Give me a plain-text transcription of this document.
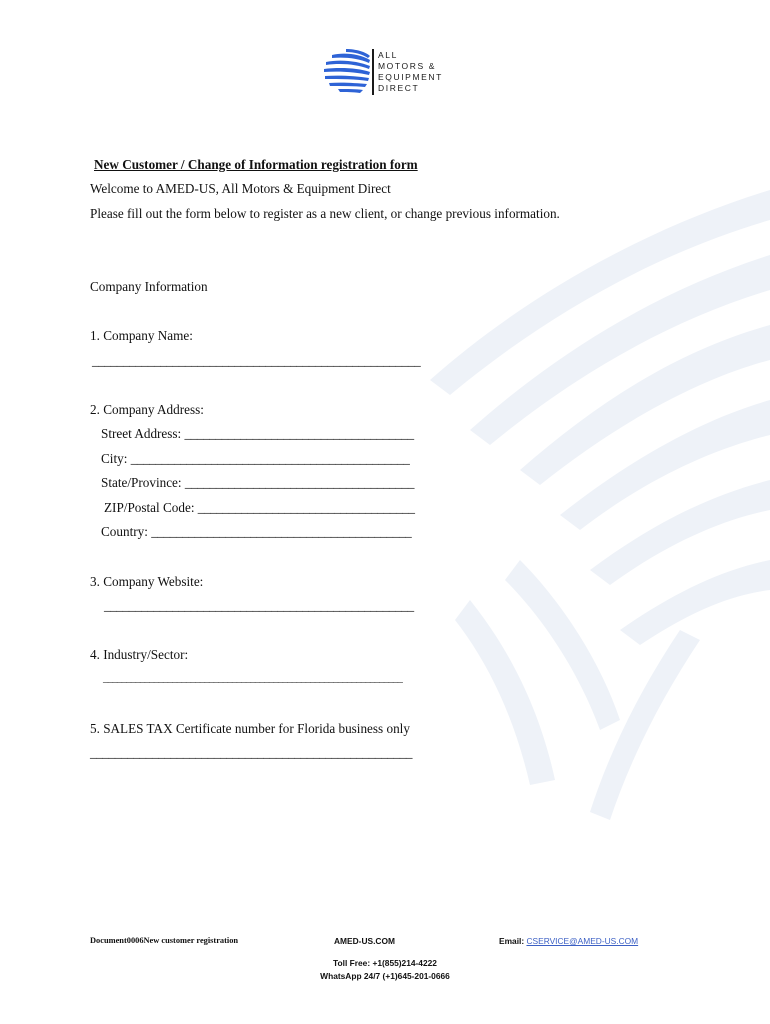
ALL
MOTORS &
EQUIPMENT
DIRECT
New Customer / Change of Information registration form
Welcome to AMED-US, All Motors & Equipment Direct
Please fill out the form below to register as a new client, or change previous information.
Company Information
1. Company Name:
_____________________________________________________
2. Company Address:
Street Address: _____________________________________
City: _____________________________________________
State/Province: _____________________________________
ZIP/Postal Code: ___________________________________
Country: __________________________________________
3. Company Website:
__________________________________________________
4. Industry/Sector:
_________________________________________________________________
5. SALES TAX Certificate number for Florida business only
____________________________________________________
Document0006New customer registration	AMED-US.COM	Email: CSERVICE@AMED-US.COM
Toll Free: +1(855)214-4222
WhatsApp 24/7 (+1)645-201-0666
